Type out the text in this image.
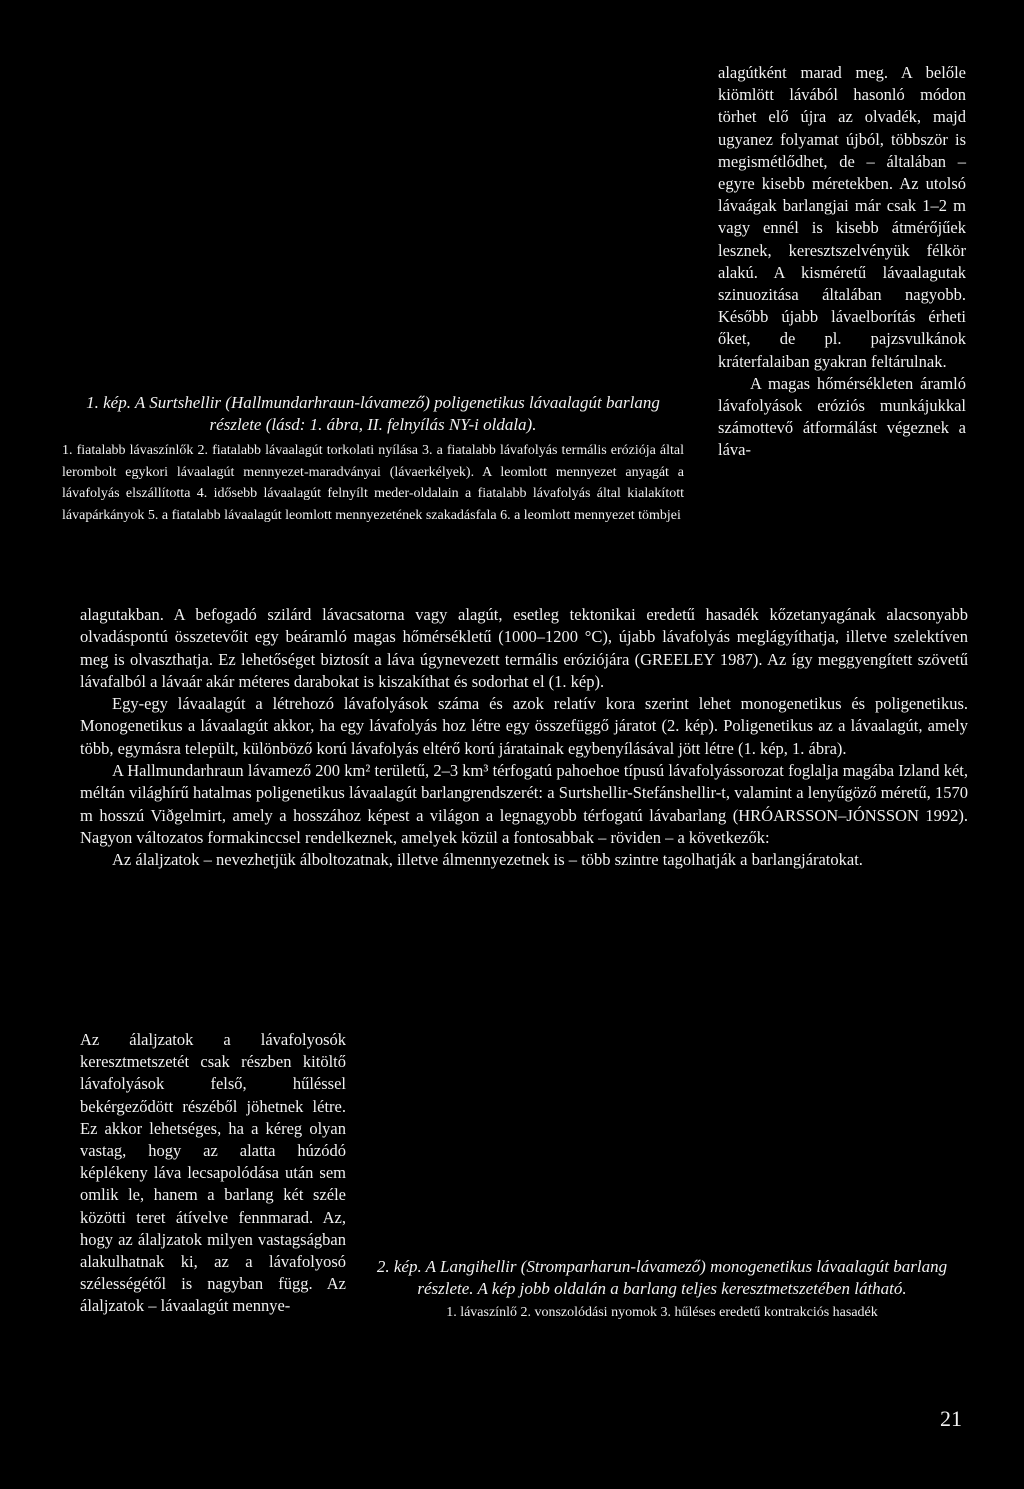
alagútként marad meg. A belőle kiömlött lávából hasonló módon törhet elő újra az olvadék, majd ugyanez folyamat újból, többször is megismétlődhet, de – általában – egyre kisebb méretekben. Az utolsó lávaágak barlangjai már csak 1–2 m vagy ennél is kisebb átmérőjűek lesznek, keresztszelvényük félkör alakú. A kisméretű lávaalagutak szinuozitása általában nagyobb. Később újabb lávaelborítás érheti őket, de pl. pajzsvulkánok kráterfalaiban gyakran feltárulnak.

A magas hőmérsékleten áramló lávafolyások eróziós munkájukkal számottevő átformálást végeznek a láva-

1. kép. A Surtshellir (Hallmundarhraun-lávamező) poligenetikus lávaalagút barlang részlete (lásd: 1. ábra, II. felnyílás NY-i oldala).

1. fiatalabb lávaszínlők 2. fiatalabb lávaalagút torkolati nyílása 3. a fiatalabb lávafolyás termális eróziója által lerombolt egykori lávaalagút mennyezet-maradványai (lávaerkélyek). A leomlott mennyezet anyagát a lávafolyás elszállította 4. idősebb lávaalagút felnyílt meder-oldalain a fiatalabb lávafolyás által kialakított lávapárkányok 5. a fiatalabb lávaalagút leomlott mennyezetének szakadásfala 6. a leomlott mennyezet tömbjei

alagutakban. A befogadó szilárd lávacsatorna vagy alagút, esetleg tektonikai eredetű hasadék kőzetanyagának alacsonyabb olvadáspontú összetevőit egy beáramló magas hőmérsékletű (1000–1200 °C), újabb lávafolyás meglágyíthatja, illetve szelektíven meg is olvaszthatja. Ez lehetőséget biztosít a láva úgynevezett termális eróziójára (GREELEY 1987). Az így meggyengített szövetű lávafalból a lávaár akár méteres darabokat is kiszakíthat és sodorhat el (1. kép).

Egy-egy lávaalagút a létrehozó lávafolyások száma és azok relatív kora szerint lehet monogenetikus és poligenetikus. Monogenetikus a lávaalagút akkor, ha egy lávafolyás hoz létre egy összefüggő járatot (2. kép). Poligenetikus az a lávaalagút, amely több, egymásra települt, különböző korú lávafolyás eltérő korú járatainak egybenyílásával jött létre (1. kép, 1. ábra).

A Hallmundarhraun lávamező 200 km² területű, 2–3 km³ térfogatú pahoehoe típusú lávafolyássorozat foglalja magába Izland két, méltán világhírű hatalmas poligenetikus lávaalagút barlangrendszerét: a Surtshellir-Stefánshellir-t, valamint a lenyűgöző méretű, 1570 m hosszú Viðgelmirt, amely a hosszához képest a világon a legnagyobb térfogatú lávabarlang (HRÓARSSON–JÓNSSON 1992). Nagyon változatos formakinccsel rendelkeznek, amelyek közül a fontosabbak – röviden – a következők:

Az álaljzatok – nevezhetjük álboltozatnak, illetve álmennyezetnek is – több szintre tagolhatják a barlangjáratokat.

Az álaljzatok a lávafolyosók keresztmetszetét csak részben kitöltő lávafolyások felső, hűléssel bekérgeződött részéből jöhetnek létre. Ez akkor lehetséges, ha a kéreg olyan vastag, hogy az alatta húzódó képlékeny láva lecsapolódása után sem omlik le, hanem a barlang két széle közötti teret átívelve fennmarad. Az, hogy az álaljzatok milyen vastagságban alakulhatnak ki, az a lávafolyosó szélességétől is nagyban függ. Az álaljzatok – lávaalagút mennye-

2. kép. A Langihellir (Stromparharun-lávamező) monogenetikus lávaalagút barlang részlete. A kép jobb oldalán a barlang teljes keresztmetszetében látható.

1. lávaszínlő 2. vonszolódási nyomok 3. hűléses eredetű kontrakciós hasadék

21
